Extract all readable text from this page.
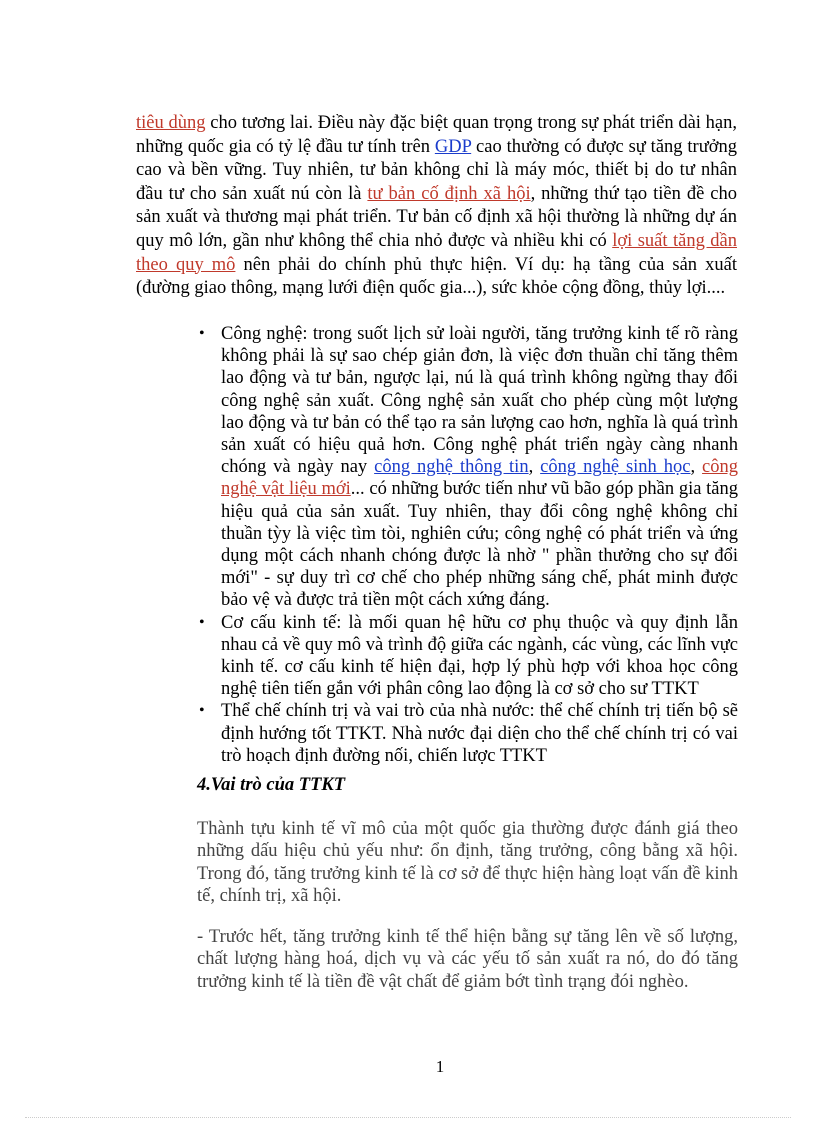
tiêu dùng cho tương lai. Điều này đặc biệt quan trọng trong sự phát triển dài hạn, những quốc gia có tỷ lệ đầu tư tính trên GDP cao thường có được sự tăng trưởng cao và bền vững. Tuy nhiên, tư bản không chỉ là máy móc, thiết bị do tư nhân đầu tư cho sản xuất nú còn là tư bản cố định xã hội, những thứ tạo tiền đề cho sản xuất và thương mại phát triển. Tư bản cố định xã hội thường là những dự án quy mô lớn, gần như không thể chia nhỏ được và nhiều khi có lợi suất tăng dần theo quy mô nên phải do chính phủ thực hiện. Ví dụ: hạ tầng của sản xuất (đường giao thông, mạng lưới điện quốc gia...), sức khỏe cộng đồng, thủy lợi....

• Công nghệ: trong suốt lịch sử loài người, tăng trưởng kinh tế rõ ràng không phải là sự sao chép giản đơn, là việc đơn thuần chỉ tăng thêm lao động và tư bản, ngược lại, nú là quá trình không ngừng thay đổi công nghệ sản xuất. Công nghệ sản xuất cho phép cùng một lượng lao động và tư bản có thể tạo ra sản lượng cao hơn, nghĩa là quá trình sản xuất có hiệu quả hơn. Công nghệ phát triển ngày càng nhanh chóng và ngày nay công nghệ thông tin, công nghệ sinh học, công nghệ vật liệu mới... có những bước tiến như vũ bão góp phần gia tăng hiệu quả của sản xuất. Tuy nhiên, thay đổi công nghệ không chỉ thuần tỳy là việc tìm tòi, nghiên cứu; công nghệ có phát triển và ứng dụng một cách nhanh chóng được là nhờ " phần thưởng cho sự đổi mới" - sự duy trì cơ chế cho phép những sáng chế, phát minh được bảo vệ và được trả tiền một cách xứng đáng.
• Cơ cấu kinh tế: là mối quan hệ hữu cơ phụ thuộc và quy định lẫn nhau cả về quy mô và trình độ giữa các ngành, các vùng, các lĩnh vực kinh tế. cơ cấu kinh tế hiện đại, hợp lý phù hợp với khoa học công nghệ tiên tiến gắn với phân công lao động là cơ sở cho sư TTKT
• Thể chế chính trị và vai trò của nhà nước: thể chế chính trị tiến bộ sẽ định hướng tốt TTKT. Nhà nước đại diện cho thể chế chính trị có vai trò hoạch định đường nối, chiến lược TTKT
4.Vai trò của TTKT

Thành tựu kinh tế vĩ mô của một quốc gia thường được đánh giá theo những dấu hiệu chủ yếu như: ổn định, tăng trưởng, công bằng xã hội. Trong đó, tăng trưởng kinh tế là cơ sở để thực hiện hàng loạt vấn đề kinh tế, chính trị, xã hội.

- Trước hết, tăng trưởng kinh tế thể hiện bằng sự tăng lên về số lượng, chất lượng hàng hoá, dịch vụ và các yếu tố sản xuất ra nó, do đó tăng trưởng kinh tế là tiền đề vật chất để giảm bớt tình trạng đói nghèo.

1
